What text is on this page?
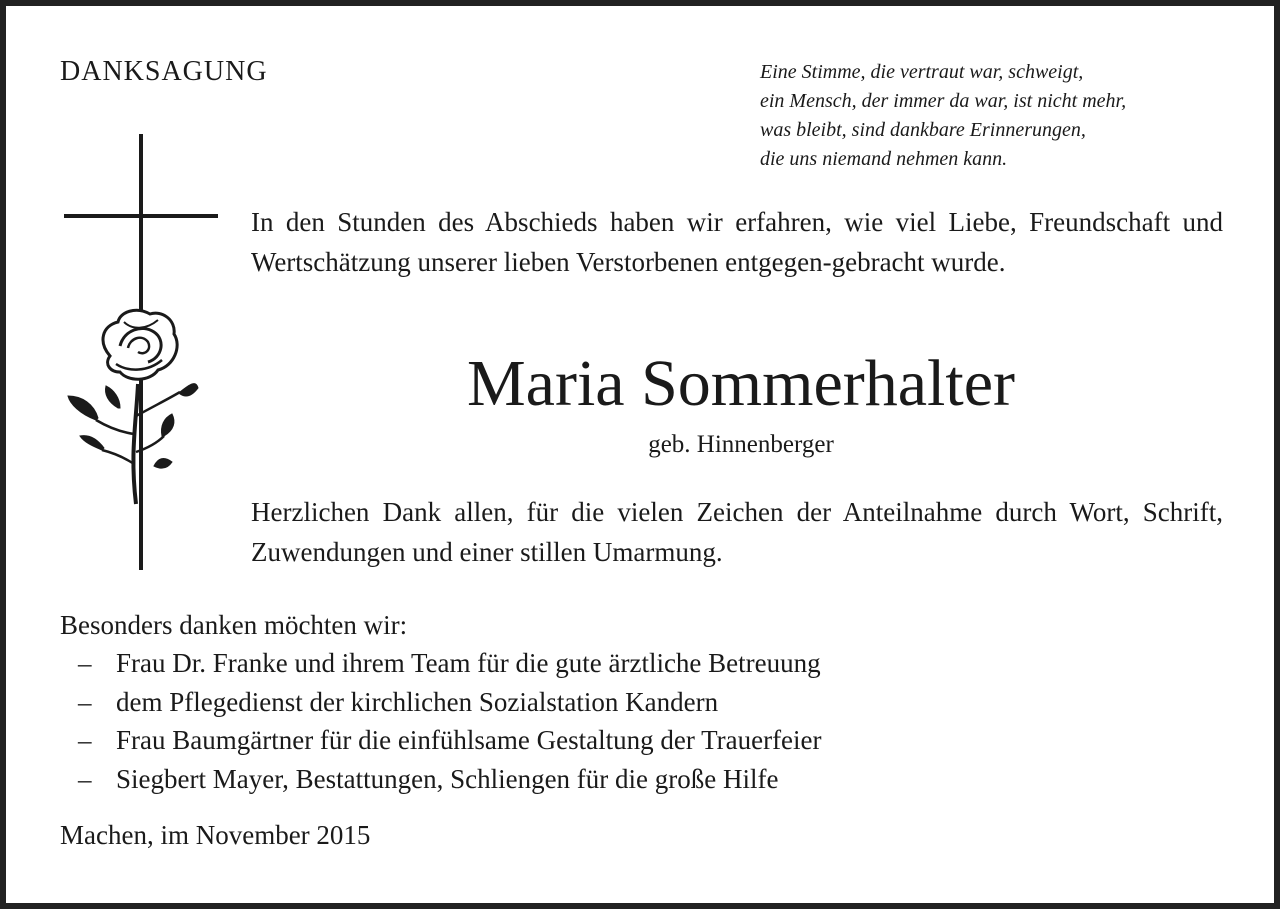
DANKSAGUNG	Eine Stimme, die vertraut war, schweigt,
ein Mensch, der immer da war, ist nicht mehr,
was bleibt, sind dankbare Erinnerungen,
die uns niemand nehmen kann.

In den Stunden des Abschieds haben wir erfahren, wie viel Liebe, Freundschaft und Wertschätzung unserer lieben Verstorbenen entgegen-gebracht wurde.

Maria Sommerhalter
geb. Hinnenberger

Herzlichen Dank allen, für die vielen Zeichen der Anteilnahme durch Wort, Schrift, Zuwendungen und einer stillen Umarmung.

Besonders danken möchten wir:
– Frau Dr. Franke und ihrem Team für die gute ärztliche Betreuung
– dem Pflegedienst der kirchlichen Sozialstation Kandern
– Frau Baumgärtner für die einfühlsame Gestaltung der Trauerfeier
– Siegbert Mayer, Bestattungen, Schliengen für die große Hilfe
Machen, im November 2015
